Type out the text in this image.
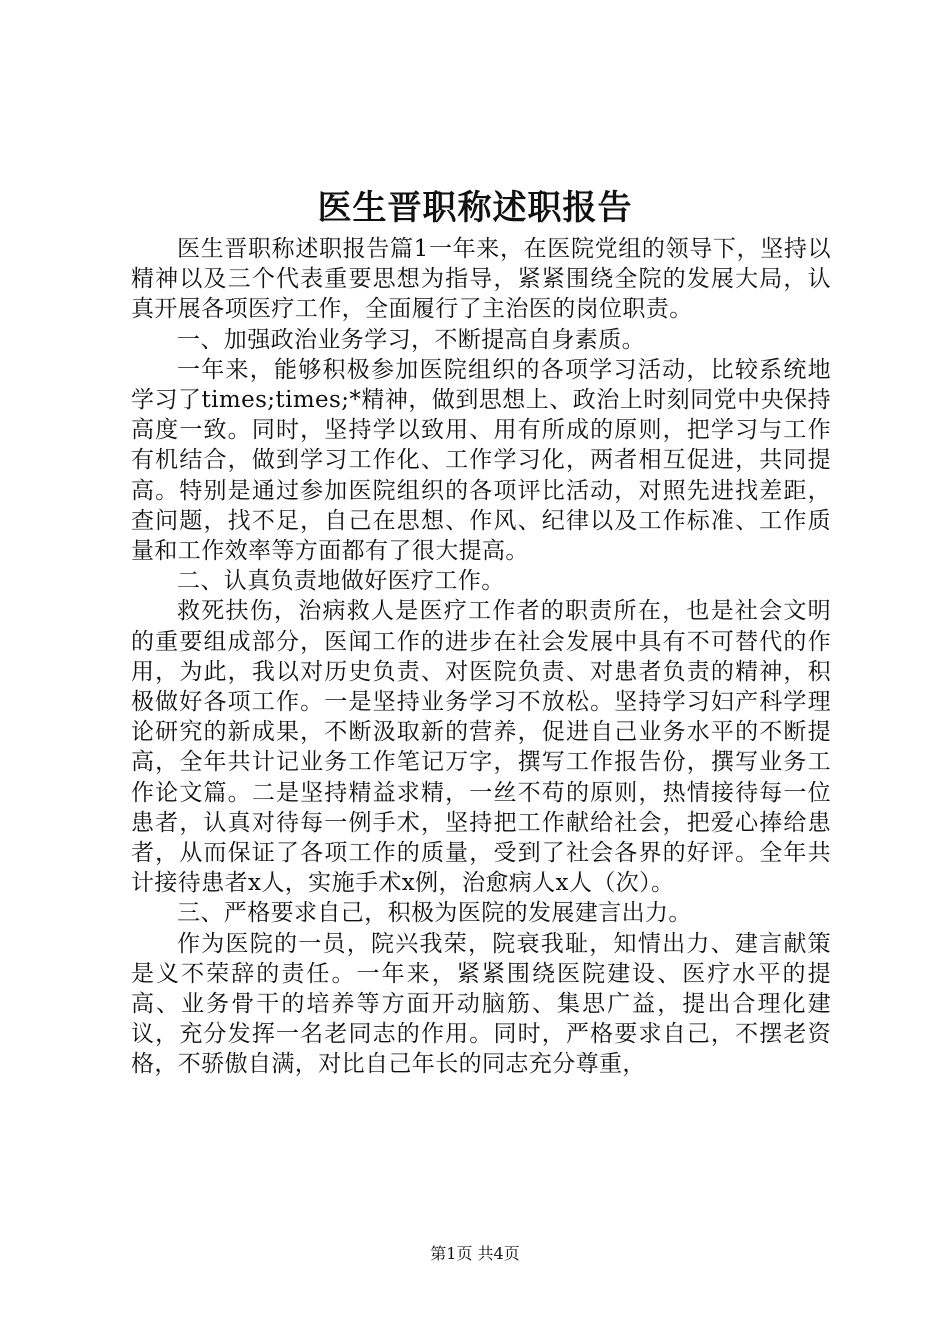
医生晋职称述职报告

医生晋职称述职报告篇1一年来，在医院党组的领导下，坚持以精神以及三个代表重要思想为指导，紧紧围绕全院的发展大局，认真开展各项医疗工作，全面履行了主治医的岗位职责。

一、加强政治业务学习，不断提高自身素质。

一年来，能够积极参加医院组织的各项学习活动，比较系统地学习了times;times;*精神，做到思想上、政治上时刻同党中央保持高度一致。同时，坚持学以致用、用有所成的原则，把学习与工作有机结合，做到学习工作化、工作学习化，两者相互促进，共同提高。特别是通过参加医院组织的各项评比活动，对照先进找差距，查问题，找不足，自己在思想、作风、纪律以及工作标准、工作质量和工作效率等方面都有了很大提高。

二、认真负责地做好医疗工作。

救死扶伤，治病救人是医疗工作者的职责所在，也是社会文明的重要组成部分，医闻工作的进步在社会发展中具有不可替代的作用，为此，我以对历史负责、对医院负责、对患者负责的精神，积极做好各项工作。一是坚持业务学习不放松。坚持学习妇产科学理论研究的新成果，不断汲取新的营养，促进自己业务水平的不断提高，全年共计记业务工作笔记万字，撰写工作报告份，撰写业务工作论文篇。二是坚持精益求精，一丝不苟的原则，热情接待每一位患者，认真对待每一例手术，坚持把工作献给社会，把爱心捧给患者，从而保证了各项工作的质量，受到了社会各界的好评。全年共计接待患者x人，实施手术x例，治愈病人x人（次）。

三、严格要求自己，积极为医院的发展建言出力。

作为医院的一员，院兴我荣，院衰我耻，知情出力、建言献策是义不荣辞的责任。一年来，紧紧围绕医院建设、医疗水平的提高、业务骨干的培养等方面开动脑筋、集思广益，提出合理化建议，充分发挥一名老同志的作用。同时，严格要求自己，不摆老资格，不骄傲自满，对比自己年长的同志充分尊重，

第1页 共4页
